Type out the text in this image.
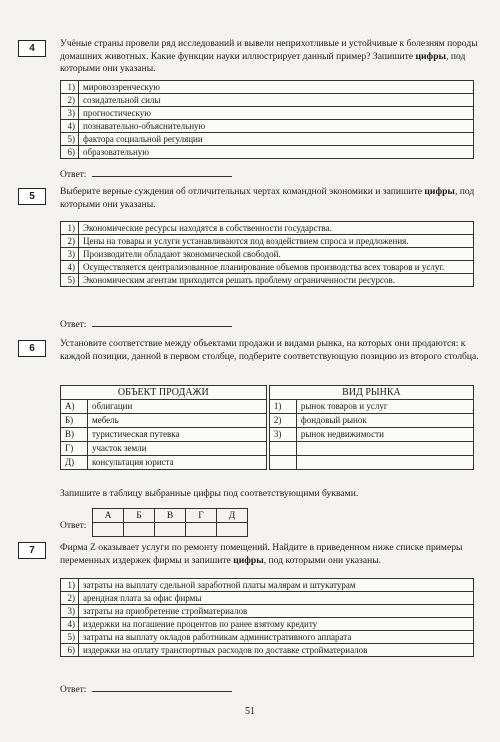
4	Учёные страны провели ряд исследований и вывели неприхотливые и устойчивые к болезням породы домашних животных. Какие функции науки иллюстрирует данный пример? Запишите цифры, под которыми они указаны.
1)	мировоззренческую
2)	созидательной силы
3)	прогностическую
4)	познавательно-объяснительную
5)	фактора социальной регуляции
6)	образовательную
Ответ:
5	Выберите верные суждения об отличительных чертах командной экономики и запишите цифры, под которыми они указаны.
1)	Экономические ресурсы находятся в собственности государства.
2)	Цены на товары и услуги устанавливаются под воздействием спроса и предложения.
3)	Производители обладают экономической свободой.
4)	Осуществляется централизованное планирование объемов производства всех товаров и услуг.
5)	Экономическим агентам приходится решать проблему ограниченности ресурсов.
Ответ:
6	Установите соответствие между объектами продажи и видами рынка, на которых они продаются: к каждой позиции, данной в первом столбце, подберите соответствующую позицию из второго столбца.
ОБЪЕКТ ПРОДАЖИ			ВИД РЫНКА	
А)	облигации		1)	рынок товаров и услуг
Б)	мебель		2)	фондовый рынок
В)	туристическая путевка		3)	рынок недвижимости
Г)	участок земли			
Д)	консультация юриста			
Запишите в таблицу выбранные цифры под соответствующими буквами.
Ответ:
А	Б	В	Г	Д

7	Фирма Z оказывает услуги по ремонту помещений. Найдите в приведенном ниже списке примеры переменных издержек фирмы и запишите цифры, под которыми они указаны.
1)	затраты на выплату сдельной заработной платы малярам и штукатурам
2)	арендная плата за офис фирмы
3)	затраты на приобретение стройматериалов
4)	издержки на погашение процентов по ранее взятому кредиту
5)	затраты на выплату окладов работникам административного аппарата
6)	издержки на оплату транспортных расходов по доставке стройматериалов
Ответ:
51
